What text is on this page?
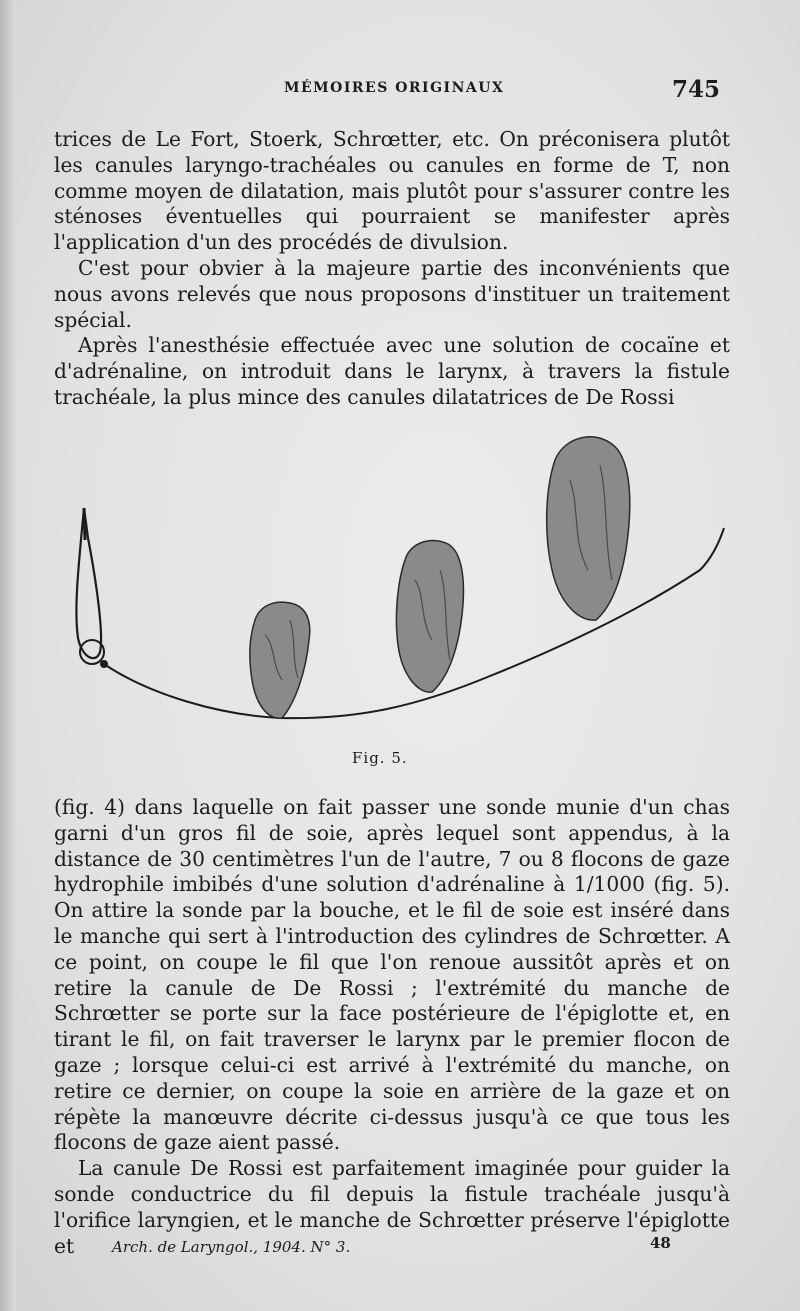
MÉMOIRES ORIGINAUX	745

trices de Le Fort, Stoerk, Schrœtter, etc. On préconisera plutôt les canules laryngo-trachéales ou canules en forme de T, non comme moyen de dilatation, mais plutôt pour s'assurer contre les sténoses éventuelles qui pourraient se manifester après l'application d'un des procédés de divulsion.

C'est pour obvier à la majeure partie des inconvénients que nous avons relevés que nous proposons d'instituer un traitement spécial.

Après l'anesthésie effectuée avec une solution de cocaïne et d'adrénaline, on introduit dans le larynx, à travers la fistule trachéale, la plus mince des canules dilatatrices de De Rossi

Fig. 5.

(fig. 4) dans laquelle on fait passer une sonde munie d'un chas garni d'un gros fil de soie, après lequel sont appendus, à la distance de 30 centimètres l'un de l'autre, 7 ou 8 flocons de gaze hydrophile imbibés d'une solution d'adrénaline à 1/1000 (fig. 5). On attire la sonde par la bouche, et le fil de soie est inséré dans le manche qui sert à l'introduction des cylindres de Schrœtter. A ce point, on coupe le fil que l'on renoue aussitôt après et on retire la canule de De Rossi ; l'extrémité du manche de Schrœtter se porte sur la face postérieure de l'épiglotte et, en tirant le fil, on fait traverser le larynx par le premier flocon de gaze ; lorsque celui-ci est arrivé à l'extrémité du manche, on retire ce dernier, on coupe la soie en arrière de la gaze et on répète la manœuvre décrite ci-dessus jusqu'à ce que tous les flocons de gaze aient passé.

La canule De Rossi est parfaitement imaginée pour guider la sonde conductrice du fil depuis la fistule trachéale jusqu'à l'orifice laryngien, et le manche de Schrœtter préserve l'épiglotte et	Arch. de Laryngol., 1904. N° 3.	48
